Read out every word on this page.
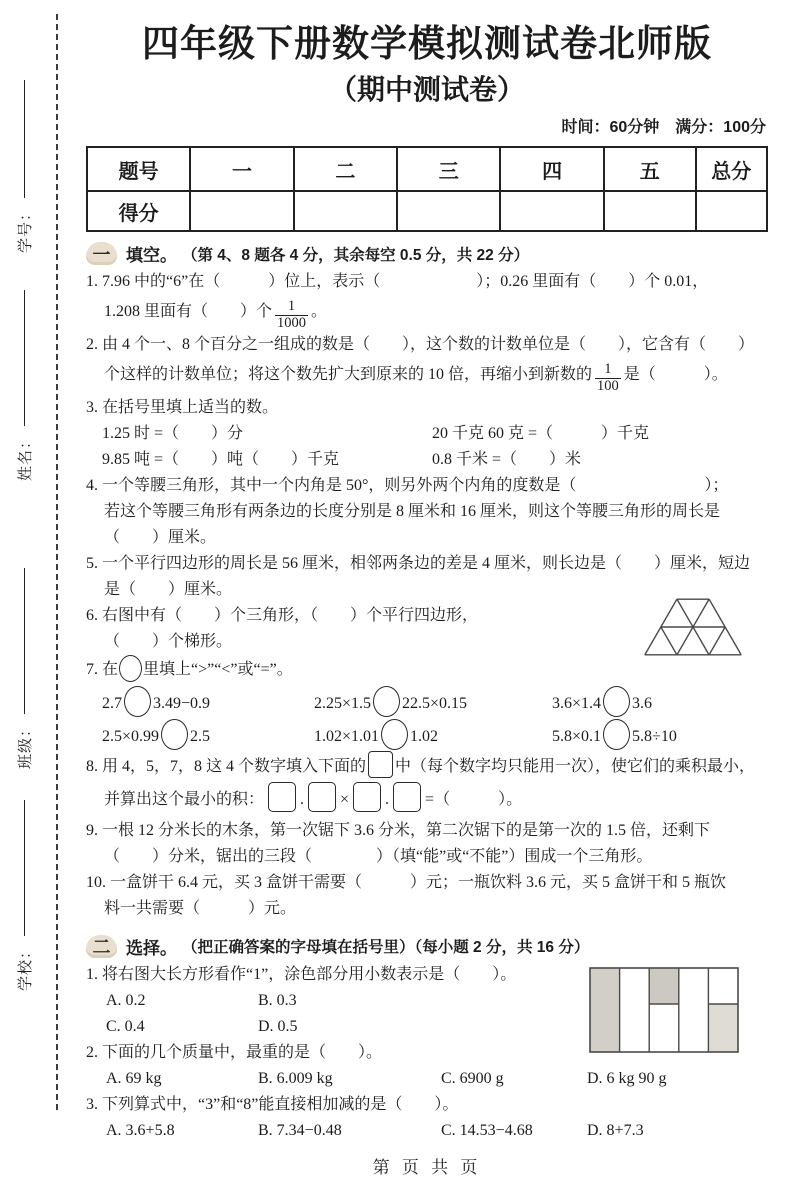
学号：
姓名：
班级：
学校：
四年级下册数学模拟测试卷北师版
（期中测试卷）
时间：60分钟　满分：100分
题号	一	二	三	四	五	总分
得分						
一 填空。 （第 4、8 题各 4 分，其余每空 0.5 分，共 22 分）
1. 7.96 中的“6”在（　　　）位上，表示（　　　　　　）；0.26 里面有（　　）个 0.01，
1.208 里面有（　　）个 $\frac{1}{1000}$ 。
2. 由 4 个一、8 个百分之一组成的数是（　　），这个数的计数单位是（　　），它含有（　　）
个这样的计数单位；将这个数先扩大到原来的 10 倍，再缩小到新数的 $\frac{1}{100}$ 是（　　　）。
3. 在括号里填上适当的数。
1.25 时 =（　　）分	20 千克 60 克 =（　　　）千克
9.85 吨 =（　　）吨（　　）千克	0.8 千米 =（　　）米
4. 一个等腰三角形，其中一个内角是 50°，则另外两个内角的度数是（　　　　　　　　）；
若这个等腰三角形有两条边的长度分别是 8 厘米和 16 厘米，则这个等腰三角形的周长是
（　　）厘米。
5. 一个平行四边形的周长是 56 厘米，相邻两条边的差是 4 厘米，则长边是（　　）厘米，短边
是（　　）厘米。
6. 右图中有（　　）个三角形，（　　）个平行四边形，
（　　）个梯形。
7. 在 里填上“>”“<”或“=”。
2.7 3.49−0.9	2.25×1.5 22.5×0.15	3.6×1.4 3.6
2.5×0.99 2.5	1.02×1.01 1.02	5.8×0.1 5.8÷10
8. 用 4，5，7，8 这 4 个数字填入下面的 中（每个数字均只能用一次），使它们的乘积最小，
并算出这个最小的积： . × . =（　　　）。
9. 一根 12 分米长的木条，第一次锯下 3.6 分米，第二次锯下的是第一次的 1.5 倍，还剩下
（　　）分米，锯出的三段（　　　　）（填“能”或“不能”）围成一个三角形。
10. 一盒饼干 6.4 元，买 3 盒饼干需要（　　　）元；一瓶饮料 3.6 元，买 5 盒饼干和 5 瓶饮
料一共需要（　　　）元。
二 选择。 （把正确答案的字母填在括号里）（每小题 2 分，共 16 分）
1. 将右图大长方形看作“1”，涂色部分用小数表示是（　　）。
A. 0.2	B. 0.3
C. 0.4	D. 0.5
2. 下面的几个质量中，最重的是（　　）。
A. 69 kg	B. 6.009 kg	C. 6900 g	D. 6 kg 90 g
3. 下列算式中，“3”和“8”能直接相加减的是（　　）。
A. 3.6+5.8	B. 7.34−0.48	C. 14.53−4.68	D. 8+7.3
第 页 共 页
